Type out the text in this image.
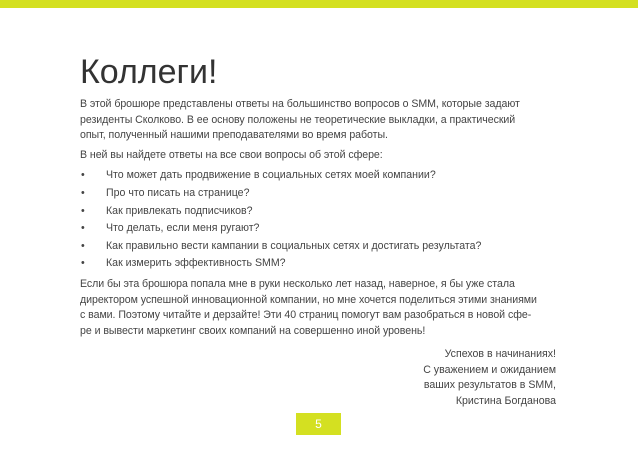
Коллеги!

В этой брошюре представлены ответы на большинство вопросов о SMM, которые задают
резиденты Сколково. В ее основу положены не теоретические выкладки, а практический
опыт, полученный нашими преподавателями во время работы.

В ней вы найдете ответы на все свои вопросы об этой сфере:

• Что может дать продвижение в социальных сетях моей компании?
• Про что писать на странице?
• Как привлекать подписчиков?
• Что делать, если меня ругают?
• Как правильно вести кампании в социальных сетях и достигать результата?
• Как измерить эффективность SMM?

Если бы эта брошюра попала мне в руки несколько лет назад, наверное, я бы уже стала
директором успешной инновационной компании, но мне хочется поделиться этими знаниями
с вами. Поэтому читайте и дерзайте! Эти 40 страниц помогут вам разобраться в новой сфе-
ре и вывести маркетинг своих компаний на совершенно иной уровень!

Успехов в начинаниях!
С уважением и ожиданием
ваших результатов в SMM,
Кристина Богданова
5
